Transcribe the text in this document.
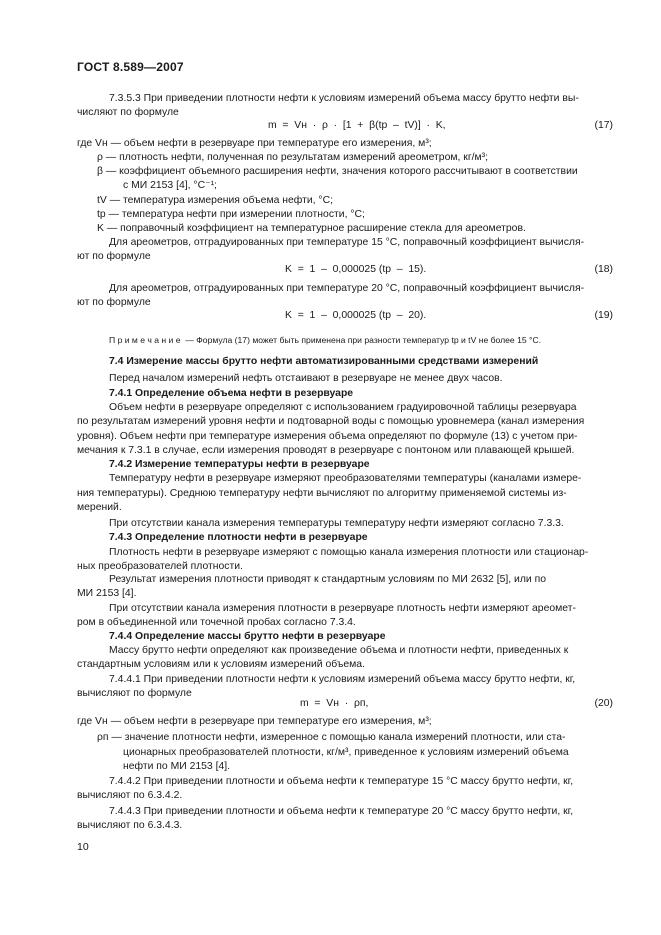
ГОСТ 8.589—2007
7.3.5.3 При приведении плотности нефти к условиям измерений объема массу брутто нефти вы-
числяют по формуле
m  =  Vн  ·  ρ  ·  [1  +  β(tр  –  tV)]  ·  K,	(17)
где Vн — объем нефти в резервуаре при температуре его измерения, м³;
ρ — плотность нефти, полученная по результатам измерений ареометром, кг/м³;
β — коэффициент объемного расширения нефти, значения которого рассчитывают в соответствии
с МИ 2153 [4], °С⁻¹;
tV — температура измерения объема нефти, °С;
tр — температура нефти при измерении плотности, °С;
K — поправочный коэффициент на температурное расширение стекла для ареометров.
Для ареометров, отградуированных при температуре 15 °С, поправочный коэффициент вычисля-
ют по формуле
K  =  1  –  0,000025 (tр  –  15).	(18)
Для ареометров, отградуированных при температуре 20 °С, поправочный коэффициент вычисля-
ют по формуле
K  =  1  –  0,000025 (tр  –  20).	(19)
П р и м е ч а н и е  — Формула (17) может быть применена при разности температур tр и tV не более 15 °С.
7.4 Измерение массы брутто нефти автоматизированными средствами измерений
Перед началом измерений нефть отстаивают в резервуаре не менее двух часов.
7.4.1 Определение объема нефти в резервуаре
Объем нефти в резервуаре определяют с использованием градуировочной таблицы резервуара
по результатам измерений уровня нефти и подтоварной воды с помощью уровнемера (канал измерения
уровня). Объем нефти при температуре измерения объема определяют по формуле (13) с учетом при-
мечания к 7.3.1 в случае, если измерения проводят в резервуаре с понтоном или плавающей крышей.
7.4.2 Измерение температуры нефти в резервуаре
Температуру нефти в резервуаре измеряют преобразователями температуры (каналами измере-
ния температуры). Среднюю температуру нефти вычисляют по алгоритму применяемой системы из-
мерений.
При отсутствии канала измерения температуры температуру нефти измеряют согласно 7.3.3.
7.4.3 Определение плотности нефти в резервуаре
Плотность нефти в резервуаре измеряют с помощью канала измерения плотности или стационар-
ных преобразователей плотности.
Результат измерения плотности приводят к стандартным условиям по МИ 2632 [5], или по
МИ 2153 [4].
При отсутствии канала измерения плотности в резервуаре плотность нефти измеряют ареомет-
ром в объединенной или точечной пробах согласно 7.3.4.
7.4.4 Определение массы брутто нефти в резервуаре
Массу брутто нефти определяют как произведение объема и плотности нефти, приведенных к
стандартным условиям или к условиям измерений объема.
7.4.4.1 При приведении плотности нефти к условиям измерений объема массу брутто нефти, кг,
вычисляют по формуле
m  =  Vн  ·  ρп,	(20)
где Vн — объем нефти в резервуаре при температуре его измерения, м³;
ρп — значение плотности нефти, измеренное с помощью канала измерений плотности, или ста-
ционарных преобразователей плотности, кг/м³, приведенное к условиям измерений объема
нефти по МИ 2153 [4].
7.4.4.2 При приведении плотности и объема нефти к температуре 15 °С массу брутто нефти, кг,
вычисляют по 6.3.4.2.
7.4.4.3 При приведении плотности и объема нефти к температуре 20 °С массу брутто нефти, кг,
вычисляют по 6.3.4.3.
10
